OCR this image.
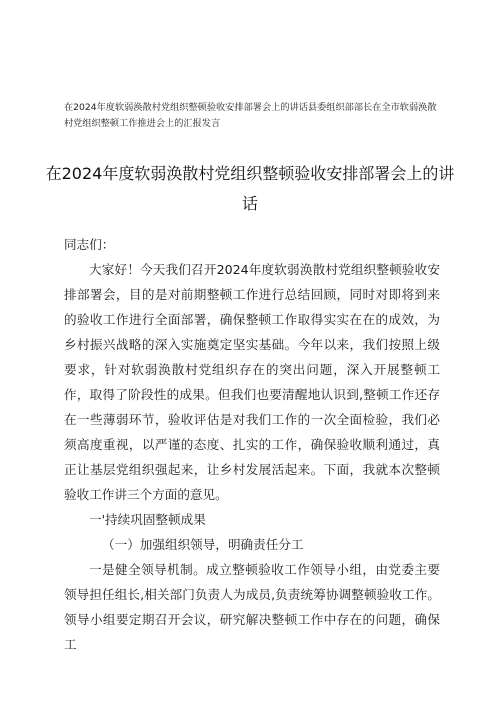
在2024年度软弱涣散村党组织整顿验收安排部署会上的讲话县委组织部部长在全市软弱涣散村党组织整顿工作推进会上的汇报发言
在2024年度软弱涣散村党组织整顿验收安排部署会上的讲话

同志们：

大家好！今天我们召开2024年度软弱涣散村党组织整顿验收安排部署会，目的是对前期整顿工作进行总结回顾，同时对即将到来的验收工作进行全面部署，确保整顿工作取得实实在在的成效，为乡村振兴战略的深入实施奠定坚实基础。今年以来，我们按照上级要求，针对软弱涣散村党组织存在的突出问题，深入开展整顿工作，取得了阶段性的成果。但我们也要清醒地认识到,整顿工作还存在一些薄弱环节，验收评估是对我们工作的一次全面检验，我们必须高度重视，以严谨的态度、扎实的工作，确保验收顺利通过，真正让基层党组织强起来，让乡村发展活起来。下面，我就本次整顿验收工作讲三个方面的意见。

一'持续巩固整顿成果

（一）加强组织领导，明确责任分工

一是健全领导机制。成立整顿验收工作领导小组，由党委主要领导担任组长,相关部门负责人为成员,负责统筹协调整顿验收工作。领导小组要定期召开会议，研究解决整顿工作中存在的问题，确保工
